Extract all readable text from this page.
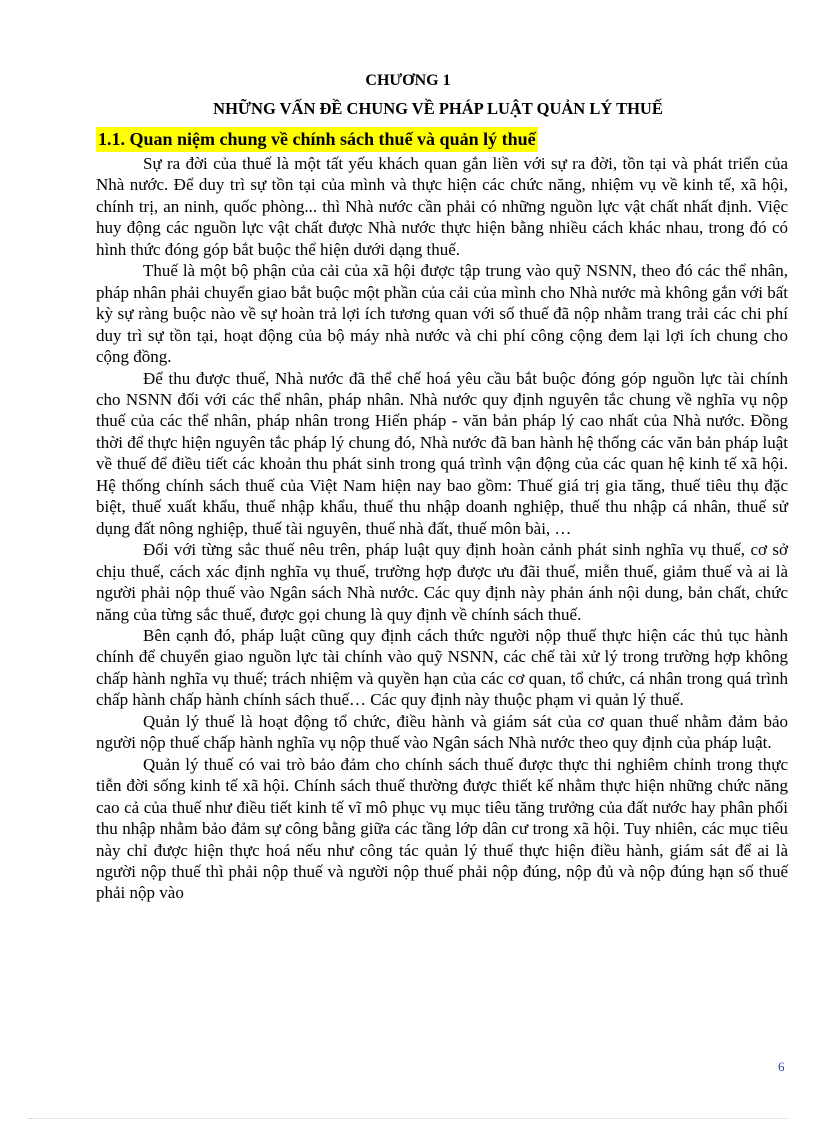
CHƯƠNG 1
NHỮNG VẤN ĐỀ CHUNG VỀ PHÁP LUẬT QUẢN LÝ THUẾ
1.1. Quan niệm chung về chính sách thuế và quản lý thuế

Sự ra đời của thuế là một tất yếu khách quan gắn liền với sự ra đời, tồn tại và phát triển của Nhà nước. Để duy trì sự tồn tại của mình và thực hiện các chức năng, nhiệm vụ về kinh tế, xã hội, chính trị, an ninh, quốc phòng... thì Nhà nước cần phải có những nguồn lực vật chất nhất định. Việc huy động các nguồn lực vật chất được Nhà nước thực hiện bằng nhiều cách khác nhau, trong đó có hình thức đóng góp bắt buộc thể hiện dưới dạng thuế.

Thuế là một bộ phận của cải của xã hội được tập trung vào quỹ NSNN, theo đó các thể nhân, pháp nhân phải chuyển giao bắt buộc một phần của cải của mình cho Nhà nước mà không gắn với bất kỳ sự ràng buộc nào về sự hoàn trả lợi ích tương quan với số thuế đã nộp nhằm trang trải các chi phí duy trì sự tồn tại, hoạt động của bộ máy nhà nước và chi phí công cộng đem lại lợi ích chung cho cộng đồng.

Để thu được thuế, Nhà nước đã thể chế hoá yêu cầu bắt buộc đóng góp nguồn lực tài chính cho NSNN đối với các thể nhân, pháp nhân. Nhà nước quy định nguyên tắc chung về nghĩa vụ nộp thuế của các thể nhân, pháp nhân trong Hiến pháp - văn bản pháp lý cao nhất của Nhà nước. Đồng thời để thực hiện nguyên tắc pháp lý chung đó, Nhà nước đã ban hành hệ thống các văn bản pháp luật về thuế để điều tiết các khoản thu phát sinh trong quá trình vận động của các quan hệ kinh tế xã hội. Hệ thống chính sách thuế của Việt Nam hiện nay bao gồm: Thuế giá trị gia tăng, thuế tiêu thụ đặc biệt, thuế xuất khẩu, thuế nhập khẩu, thuế thu nhập doanh nghiệp, thuế thu nhập cá nhân, thuế sử dụng đất nông nghiệp, thuế tài nguyên, thuế nhà đất, thuế môn bài, …

Đối với từng sắc thuế nêu trên, pháp luật quy định hoàn cảnh phát sinh nghĩa vụ thuế, cơ sở chịu thuế, cách xác định nghĩa vụ thuế, trường hợp được ưu đãi thuế, miễn thuế, giảm thuế và ai là người phải nộp thuế vào Ngân sách Nhà nước. Các quy định này phản ánh nội dung, bản chất, chức năng của từng sắc thuế, được gọi chung là quy định về chính sách thuế.

Bên cạnh đó, pháp luật cũng quy định cách thức người nộp thuế thực hiện các thủ tục hành chính để chuyển giao nguồn lực tài chính vào quỹ NSNN, các chế tài xử lý trong trường hợp không chấp hành nghĩa vụ thuế; trách nhiệm và quyền hạn của các cơ quan, tổ chức, cá nhân trong quá trình chấp hành chấp hành chính sách thuế… Các quy định này thuộc phạm vi quản lý thuế.

Quản lý thuế là hoạt động tổ chức, điều hành và giám sát của cơ quan thuế nhằm đảm bảo người nộp thuế chấp hành nghĩa vụ nộp thuế vào Ngân sách Nhà nước theo quy định của pháp luật.

Quản lý thuế có vai trò bảo đảm cho chính sách thuế được thực thi nghiêm chỉnh trong thực tiễn đời sống kinh tế xã hội. Chính sách thuế thường được thiết kế nhằm thực hiện những chức năng cao cả của thuế như điều tiết kinh tế vĩ mô phục vụ mục tiêu tăng trưởng của đất nước hay phân phối thu nhập nhằm bảo đảm sự công bằng giữa các tầng lớp dân cư trong xã hội. Tuy nhiên, các mục tiêu này chỉ được hiện thực hoá nếu như công tác quản lý thuế thực hiện điều hành, giám sát để ai là người nộp thuế thì phải nộp thuế và người nộp thuế phải nộp đúng, nộp đủ và nộp đúng hạn số thuế phải nộp vào

6
